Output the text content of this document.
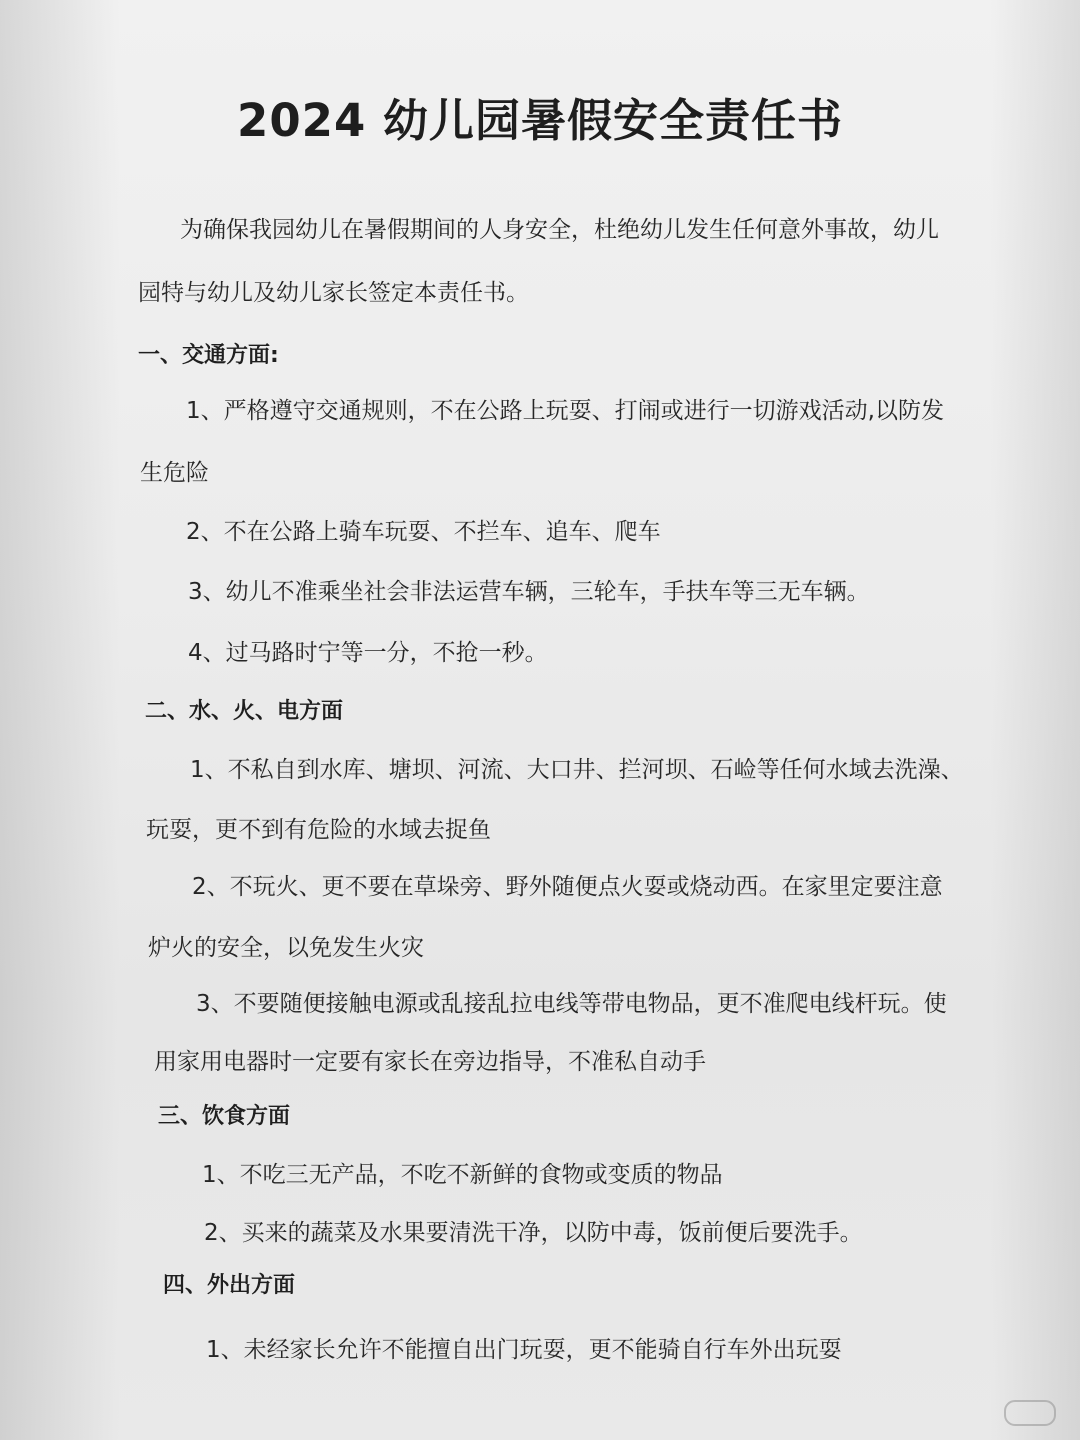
2024 幼儿园暑假安全责任书

为确保我园幼儿在暑假期间的人身安全，杜绝幼儿发生任何意外事故，幼儿

园特与幼儿及幼儿家长签定本责任书。

一、交通方面:

1、严格遵守交通规则，不在公路上玩耍、打闹或进行一切游戏活动,以防发

生危险

2、不在公路上骑车玩耍、不拦车、追车、爬车

3、幼儿不准乘坐社会非法运营车辆，三轮车，手扶车等三无车辆。

4、过马路时宁等一分，不抢一秒。

二、水、火、电方面

1、不私自到水库、塘坝、河流、大口井、拦河坝、石崄等任何水域去洗澡、

玩耍，更不到有危险的水域去捉鱼

2、不玩火、更不要在草垛旁、野外随便点火耍或烧动西。在家里定要注意

炉火的安全，以免发生火灾

3、不要随便接触电源或乱接乱拉电线等带电物品，更不准爬电线杆玩。使

用家用电器时一定要有家长在旁边指导，不准私自动手

三、饮食方面

1、不吃三无产品，不吃不新鲜的食物或变质的物品

2、买来的蔬菜及水果要清洗干净，以防中毒，饭前便后要洗手。

四、外出方面

1、未经家长允许不能擅自出门玩耍，更不能骑自行车外出玩耍
